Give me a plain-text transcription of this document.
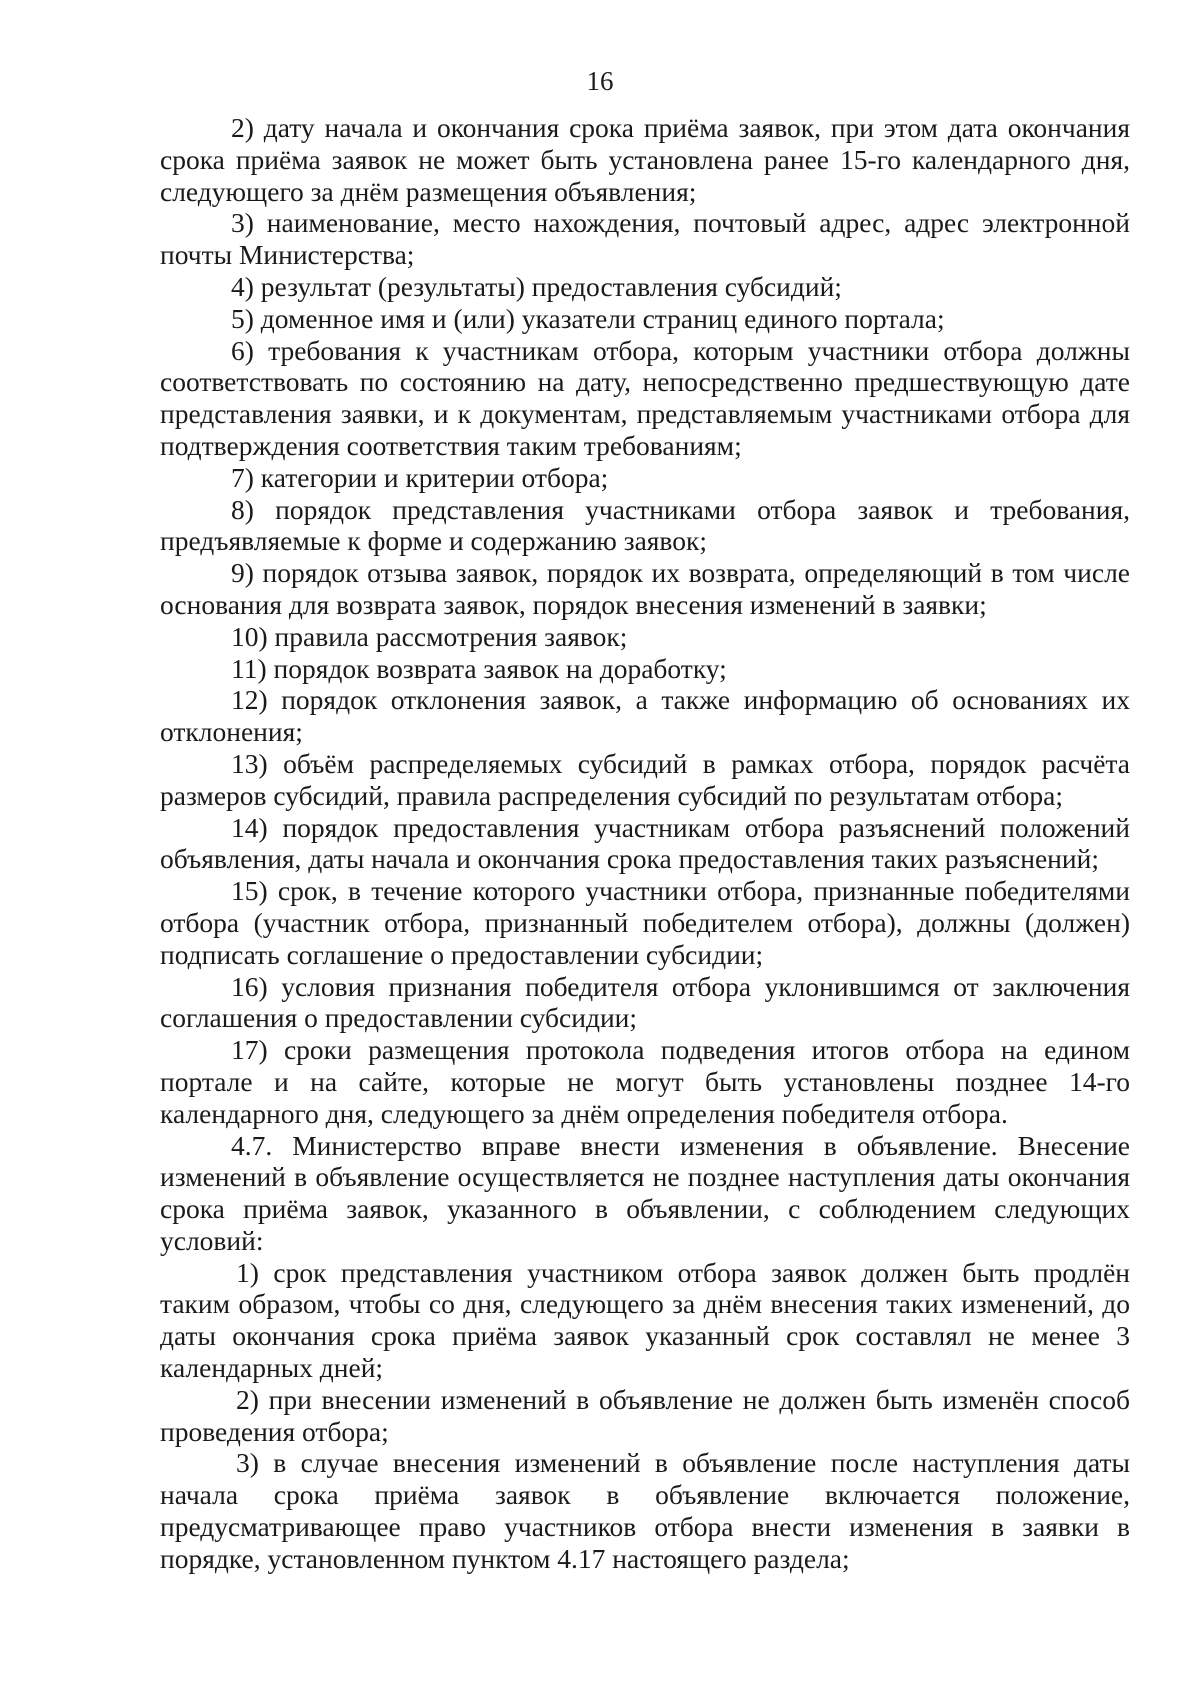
16

2) дату начала и окончания срока приёма заявок, при этом дата окончания срока приёма заявок не может быть установлена ранее 15-го календарного дня, следующего за днём размещения объявления;

3) наименование, место нахождения, почтовый адрес, адрес электронной почты Министерства;

4) результат (результаты) предоставления субсидий;

5) доменное имя и (или) указатели страниц единого портала;

6) требования к участникам отбора, которым участники отбора должны соответствовать по состоянию на дату, непосредственно предшествующую дате представления заявки, и к документам, представляемым участниками отбора для подтверждения соответствия таким требованиям;

7) категории и критерии отбора;

8) порядок представления участниками отбора заявок и требования, предъявляемые к форме и содержанию заявок;

9) порядок отзыва заявок, порядок их возврата, определяющий в том числе основания для возврата заявок, порядок внесения изменений в заявки;

10) правила рассмотрения заявок;

11) порядок возврата заявок на доработку;

12) порядок отклонения заявок, а также информацию об основаниях их отклонения;

13) объём распределяемых субсидий в рамках отбора, порядок расчёта размеров субсидий, правила распределения субсидий по результатам отбора;

14) порядок предоставления участникам отбора разъяснений положений объявления, даты начала и окончания срока предоставления таких разъяснений;

15) срок, в течение которого участники отбора, признанные победителями отбора (участник отбора, признанный победителем отбора), должны (должен) подписать соглашение о предоставлении субсидии;

16) условия признания победителя отбора уклонившимся от заключения соглашения о предоставлении субсидии;

17) сроки размещения протокола подведения итогов отбора на едином портале и на сайте, которые не могут быть установлены позднее 14-го календарного дня, следующего за днём определения победителя отбора.

4.7. Министерство вправе внести изменения в объявление. Внесение изменений в объявление осуществляется не позднее наступления даты окончания срока приёма заявок, указанного в объявлении, с соблюдением следующих условий:

1) срок представления участником отбора заявок должен быть продлён таким образом, чтобы со дня, следующего за днём внесения таких изменений, до даты окончания срока приёма заявок указанный срок составлял не менее 3 календарных дней;

2) при внесении изменений в объявление не должен быть изменён способ проведения отбора;

3) в случае внесения изменений в объявление после наступления даты начала срока приёма заявок в объявление включается положение, предусматривающее право участников отбора внести изменения в заявки в порядке, установленном пунктом 4.17 настоящего раздела;
